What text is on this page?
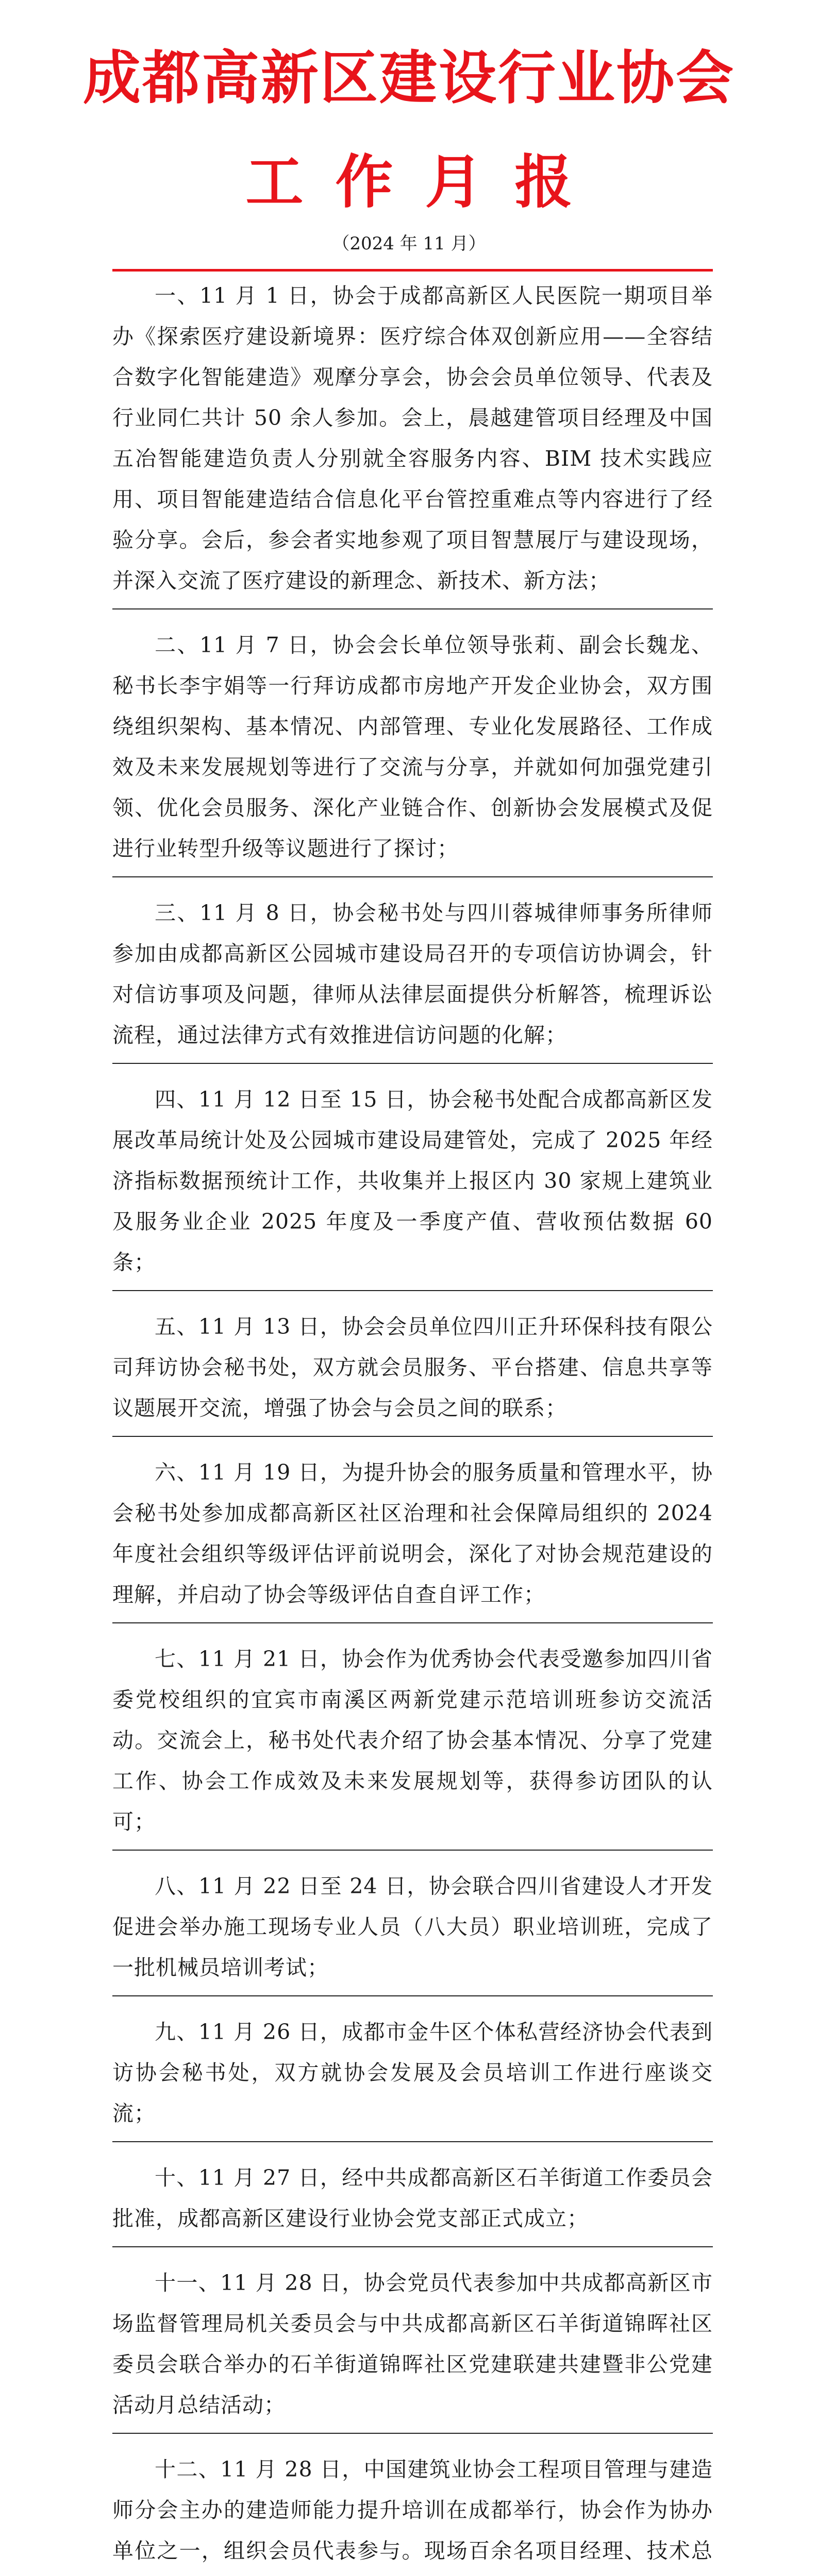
成都高新区建设行业协会
工作月报
（2024 年 11 月）

一、11 月 1 日，协会于成都高新区人民医院一期项目举办《探索医疗建设新境界：医疗综合体双创新应用——全容结合数字化智能建造》观摩分享会，协会会员单位领导、代表及行业同仁共计 50 余人参加。会上，晨越建管项目经理及中国五冶智能建造负责人分别就全容服务内容、BIM 技术实践应用、项目智能建造结合信息化平台管控重难点等内容进行了经验分享。会后，参会者实地参观了项目智慧展厅与建设现场，并深入交流了医疗建设的新理念、新技术、新方法；

二、11 月 7 日，协会会长单位领导张莉、副会长魏龙、秘书长李宇娟等一行拜访成都市房地产开发企业协会，双方围绕组织架构、基本情况、内部管理、专业化发展路径、工作成效及未来发展规划等进行了交流与分享，并就如何加强党建引领、优化会员服务、深化产业链合作、创新协会发展模式及促进行业转型升级等议题进行了探讨；

三、11 月 8 日，协会秘书处与四川蓉城律师事务所律师参加由成都高新区公园城市建设局召开的专项信访协调会，针对信访事项及问题，律师从法律层面提供分析解答，梳理诉讼流程，通过法律方式有效推进信访问题的化解；

四、11 月 12 日至 15 日，协会秘书处配合成都高新区发展改革局统计处及公园城市建设局建管处，完成了 2025 年经济指标数据预统计工作，共收集并上报区内 30 家规上建筑业及服务业企业 2025 年度及一季度产值、营收预估数据 60 条；

五、11 月 13 日，协会会员单位四川正升环保科技有限公司拜访协会秘书处，双方就会员服务、平台搭建、信息共享等议题展开交流，增强了协会与会员之间的联系；

六、11 月 19 日，为提升协会的服务质量和管理水平，协会秘书处参加成都高新区社区治理和社会保障局组织的 2024 年度社会组织等级评估评前说明会，深化了对协会规范建设的理解，并启动了协会等级评估自查自评工作；

七、11 月 21 日，协会作为优秀协会代表受邀参加四川省委党校组织的宜宾市南溪区两新党建示范培训班参访交流活动。交流会上，秘书处代表介绍了协会基本情况、分享了党建工作、协会工作成效及未来发展规划等，获得参访团队的认可；

八、11 月 22 日至 24 日，协会联合四川省建设人才开发促进会举办施工现场专业人员（八大员）职业培训班，完成了一批机械员培训考试；

九、11 月 26 日，成都市金牛区个体私营经济协会代表到访协会秘书处，双方就协会发展及会员培训工作进行座谈交流；

十、11 月 27 日，经中共成都高新区石羊街道工作委员会批准，成都高新区建设行业协会党支部正式成立；

十一、11 月 28 日，协会党员代表参加中共成都高新区市场监督管理局机关委员会与中共成都高新区石羊街道锦晖社区委员会联合举办的石羊街道锦晖社区党建联建共建暨非公党建活动月总结活动；

十二、11 月 28 日，中国建筑业协会工程项目管理与建造师分会主办的建造师能力提升培训在成都举行，协会作为协办单位之一，组织会员代表参与。现场百余名项目经理、技术总
